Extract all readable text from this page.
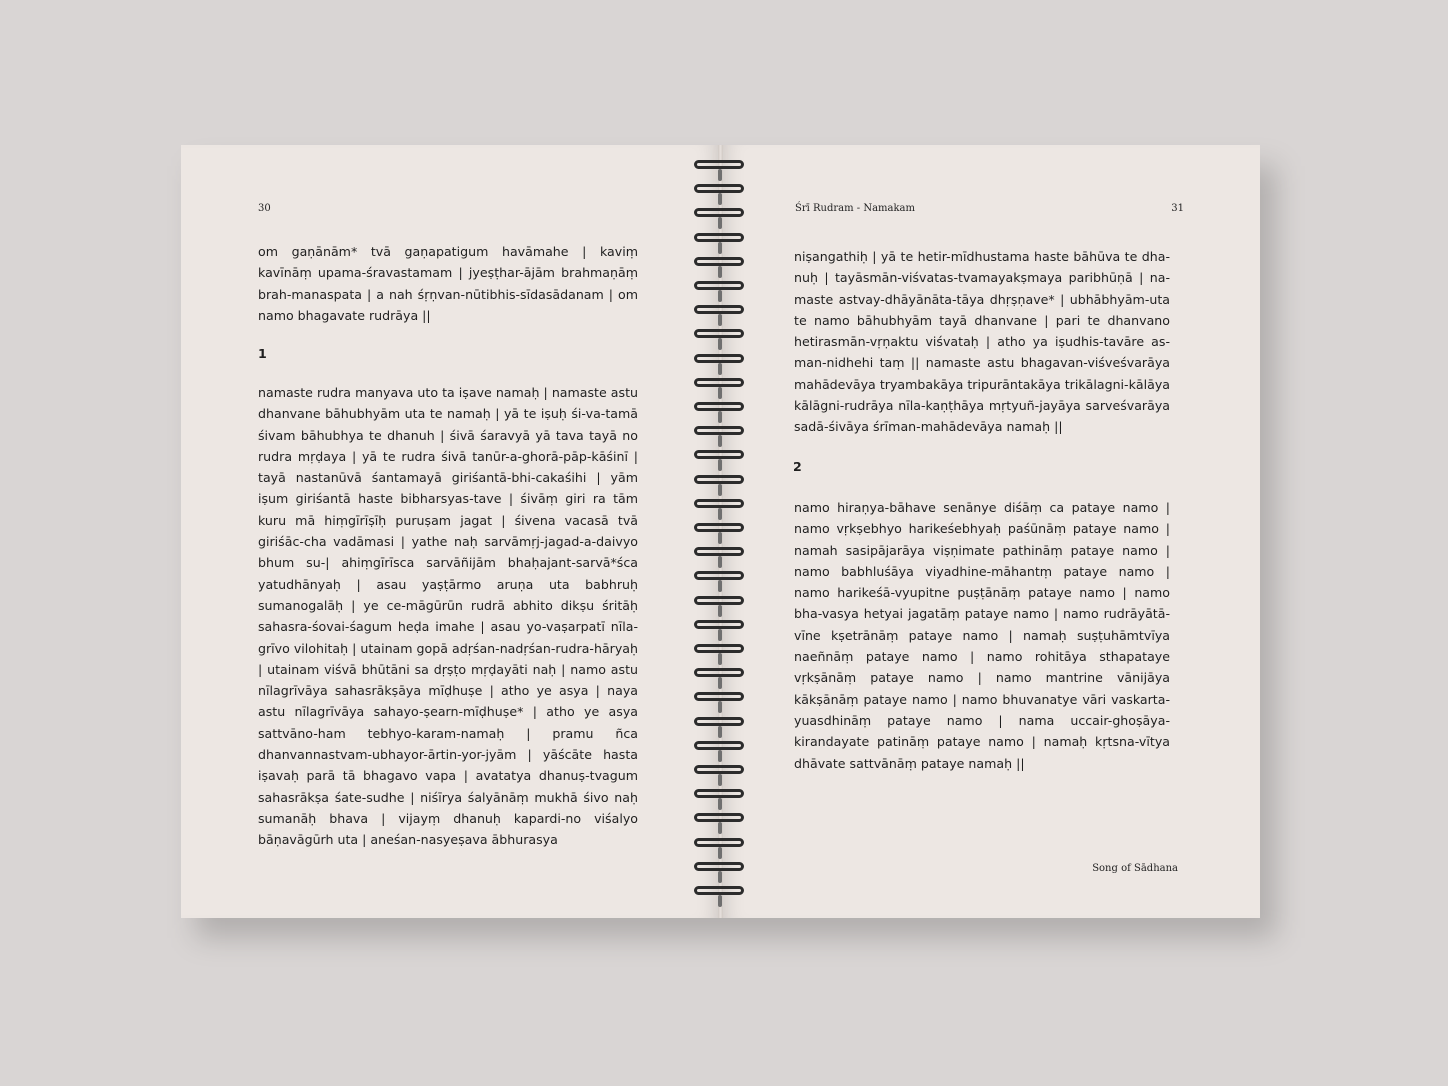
30

om gaṇānām* tvā gaṇapatigum havāmahe | kaviṃ kavīnāṃ upama-śravastamam | jyeṣṭhar-ājām brahmaṇāṃ brah-manaspata | a nah śṛṇvan-nūtibhis-sīdasādanam | om namo bhagavate rudrāya ||

1

namaste rudra manyava uto ta iṣave namaḥ | namaste astu dhanvane bāhubhyām uta te namaḥ | yā te iṣuḥ śi-va-tamā śivam bāhubhya te dhanuh | śivā śaravyā yā tava tayā no rudra mṛḍaya | yā te rudra śivā tanūr-a-ghorā-pāp-kāśinī | tayā nastanūvā śantamayā giriśantā-bhi-cakaśihi | yām iṣum giriśantā haste bibharsyas-tave | śivāṃ giri ra tām kuru mā hiṃgīrīṣīḥ puruṣam jagat | śivena vacasā tvā giriśāc-cha vadāmasi | yathe naḥ sarvāmṛj-jagad-a-daivyo bhum su-| ahiṃgīrīsca sarvāñijām bhaḥajant-sarvā*śca yatudhānyaḥ | asau yaṣṭārmo aruṇa uta babhruḥ sumanogalāḥ | ye ce-māgūrūn rudrā abhito dikṣu śritāḥ sahasra-śovai-śagum heḍa imahe | asau yo-vaṣarpatī nīla-grīvo vilohitaḥ | utainam gopā adṛśan-nadṛśan-rudra-hāryaḥ | utainam viśvā bhūtāni sa dṛṣṭo mṛḍayāti naḥ | namo astu nīlagrīvāya sahasrākṣāya mīḍhuṣe | atho ye asya | naya astu nīlagrīvāya sahayo-ṣearn-mīḍhuṣe* | atho ye asya sattvāno-ham tebhyo-karam-namaḥ | pramu ñca dhanvannastvam-ubhayor-ārtin-yor-jyām | yāścāte hasta iṣavaḥ parā tā bhagavo vapa | avatatya dhanuṣ-tvagum sahasrākṣa śate-sudhe | niśīrya śalyānāṃ mukhā śivo naḥ sumanāḥ bhava | vijayṃ dhanuḥ kapardi-no viśalyo bāṇavāgūrh uta | aneśan-nasyeṣava ābhurasya

Śrī Rudram - Namakam	31

niṣangathiḥ | yā te hetir-mīdhustama haste bāhūva te dha-nuḥ | tayāsmān-viśvatas-tvamayakṣmaya paribhūṇā | na-maste astvay-dhāyānāta-tāya dhṛṣṇave* | ubhābhyām-uta te namo bāhubhyām tayā dhanvane | pari te dhanvano hetirasmān-vṛṇaktu viśvataḥ | atho ya iṣudhis-tavāre as-man-nidhehi taṃ || namaste astu bhagavan-viśveśvarāya mahādevāya tryambakāya tripurāntakāya trikālagni-kālāya kālāgni-rudrāya nīla-kaṇṭhāya mṛtyuñ-jayāya sarveśvarāya sadā-śivāya śrīman-mahādevāya namaḥ ||

2

namo hiraṇya-bāhave senānye diśāṃ ca pataye namo | namo vṛkṣebhyo harikeśebhyaḥ paśūnāṃ pataye namo | namah sasipājarāya viṣṇimate pathināṃ pataye namo | namo babhluśāya viyadhine-māhantṃ pataye namo | namo harikeśā-vyupitne puṣṭānāṃ pataye namo | namo bha-vasya hetyai jagatāṃ pataye namo | namo rudrāyātā-vīne kṣetrānāṃ pataye namo | namaḥ suṣṭuhāmtvīya naeñnāṃ pataye namo | namo rohitāya sthapataye vṛkṣānāṃ pataye namo | namo mantrine vānijāya kākṣānāṃ pataye namo | namo bhuvanatye vāri vaskarta-yuasdhināṃ pataye namo | nama uccair-ghoṣāya-kirandayate patināṃ pataye namo | namaḥ kṛtsna-vītya dhāvate sattvānāṃ pataye namaḥ ||

Song of Sādhana
